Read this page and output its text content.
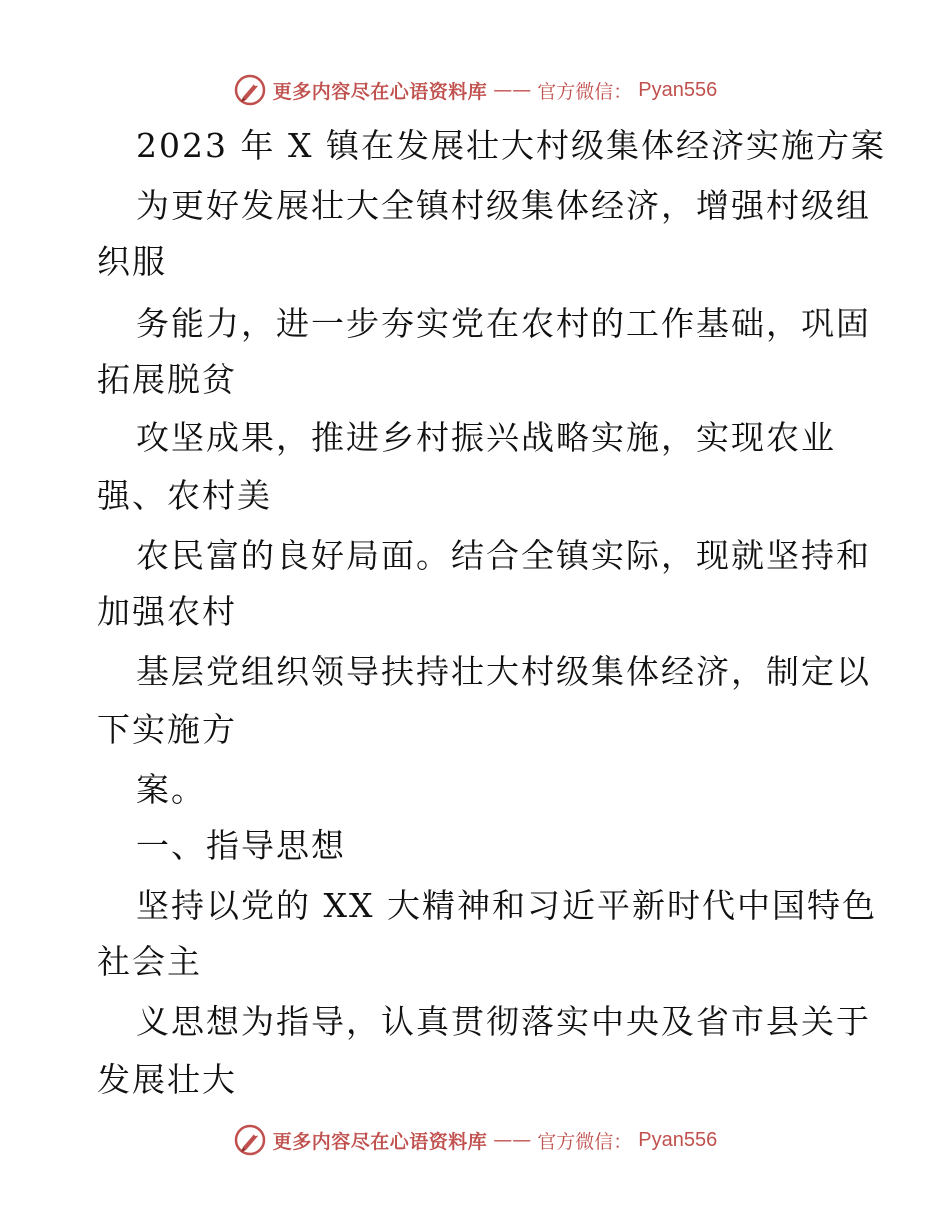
更多内容尽在心语资料库 —— 官方微信： Pyan556
2023 年 X 镇在发展壮大村级集体经济实施方案
为更好发展壮大全镇村级集体经济，增强村级组
织服
务能力，进一步夯实党在农村的工作基础，巩固
拓展脱贫
攻坚成果，推进乡村振兴战略实施，实现农业
强、农村美
农民富的良好局面。结合全镇实际，现就坚持和
加强农村
基层党组织领导扶持壮大村级集体经济，制定以
下实施方
案。
一、指导思想
坚持以党的 XX 大精神和习近平新时代中国特色
社会主
义思想为指导，认真贯彻落实中央及省市县关于
发展壮大
更多内容尽在心语资料库 —— 官方微信： Pyan556
